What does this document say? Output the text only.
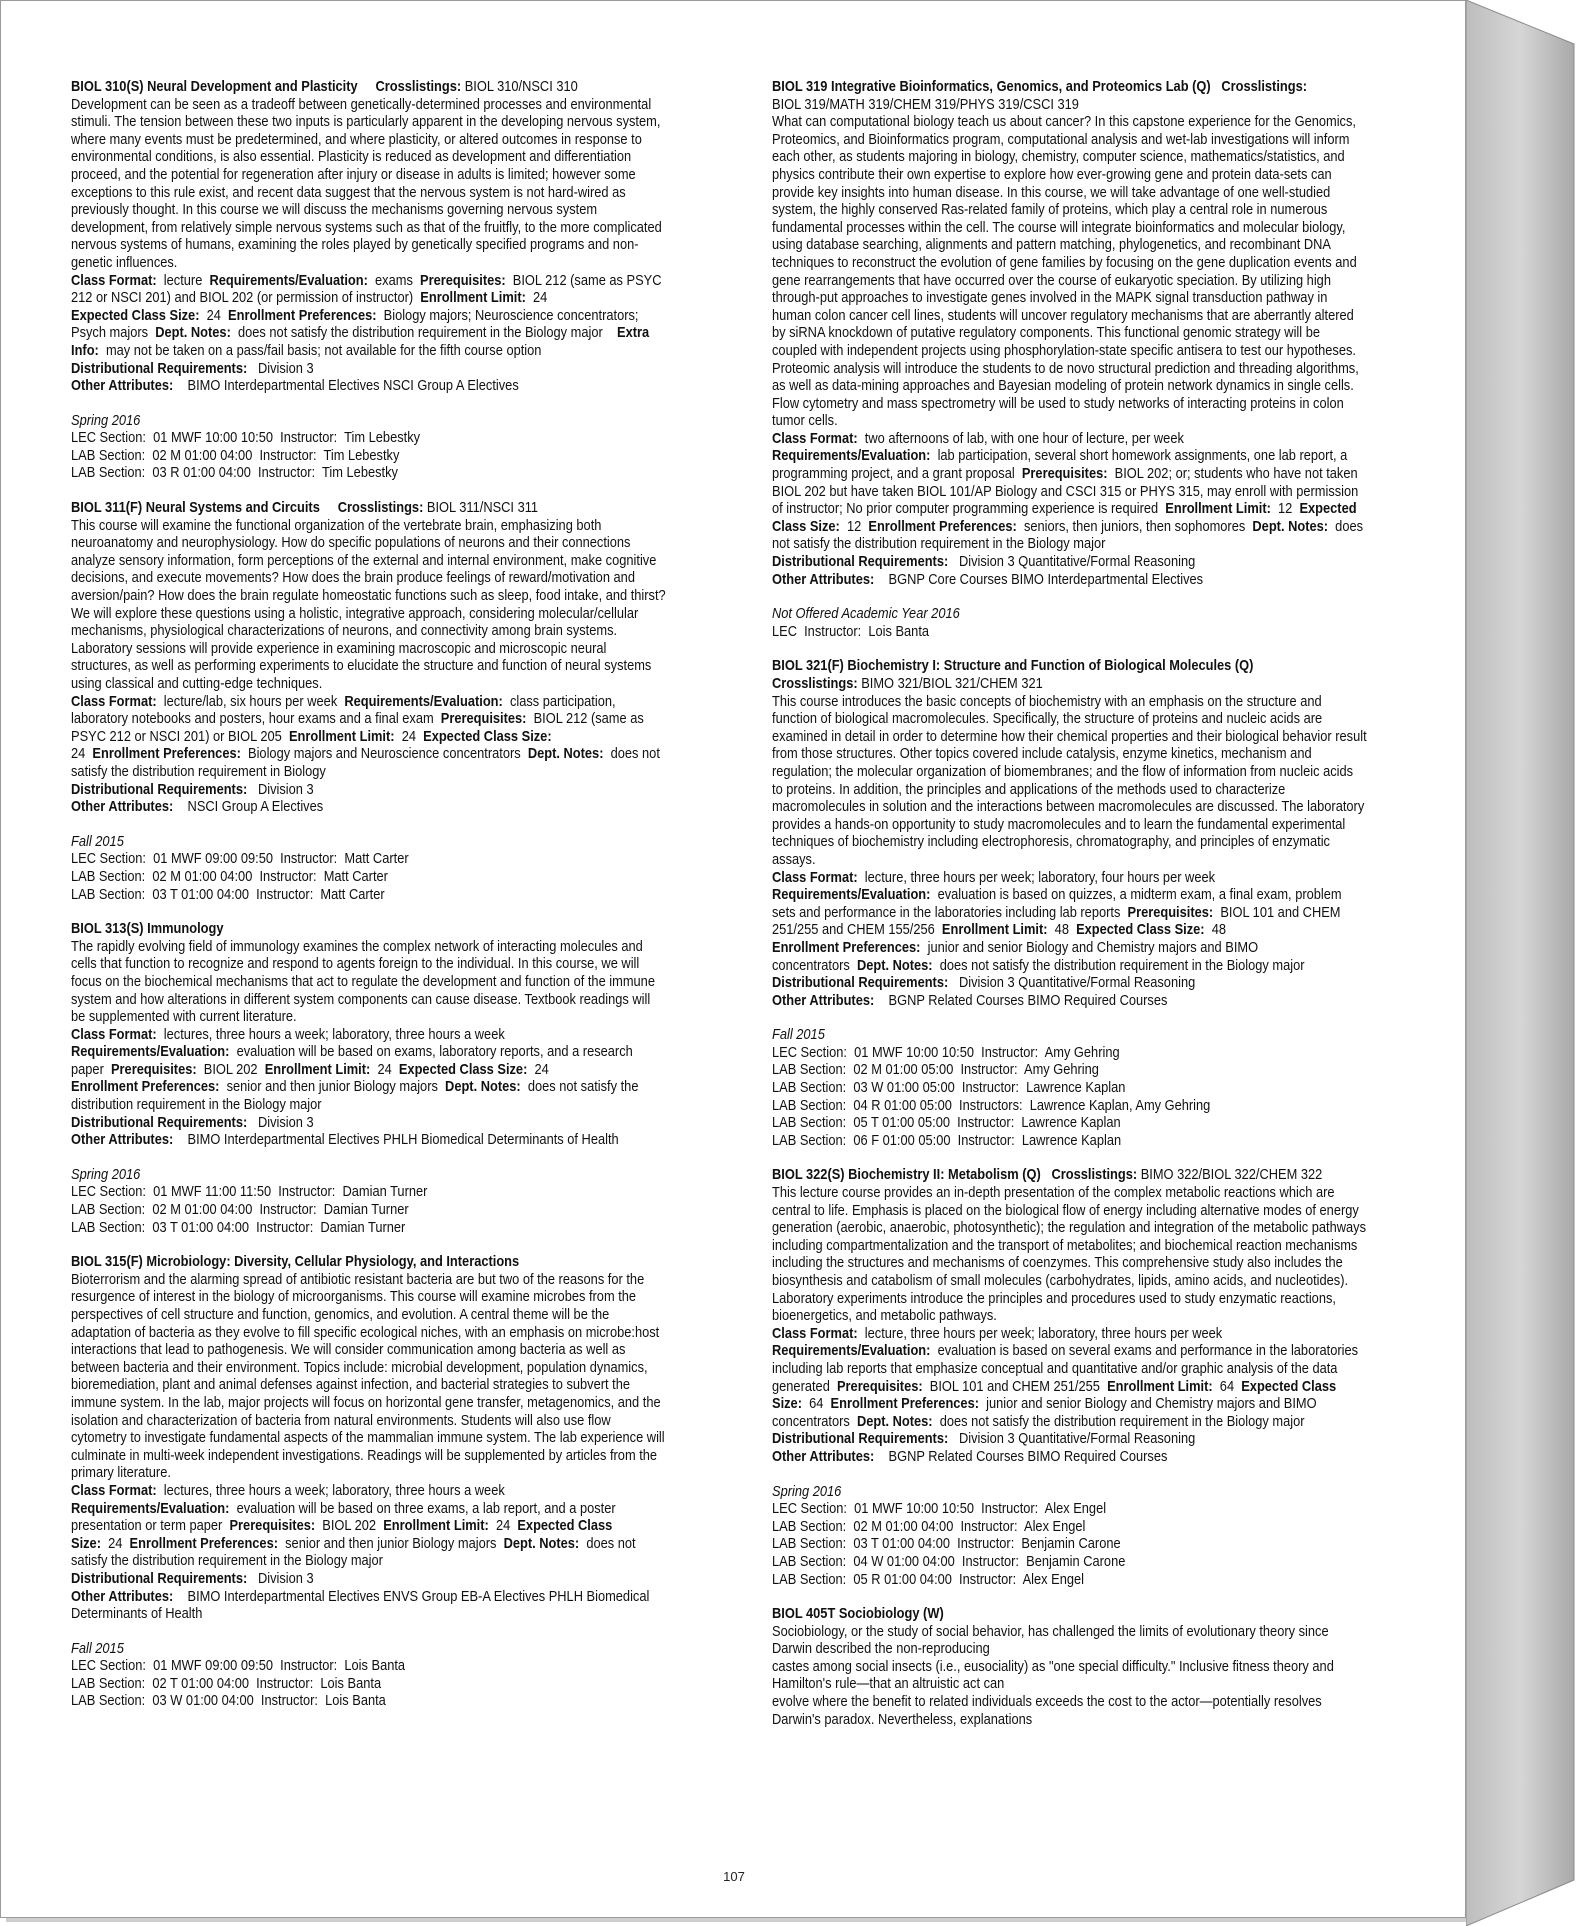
BIOL 310(S) Neural Development and Plasticity Crosslistings: BIOL 310/NSCI 310

Development can be seen as a tradeoff between genetically-determined processes and environmental stimuli. The tension between these two inputs is particularly apparent in the developing nervous system, where many events must be predetermined, and where plasticity, or altered outcomes in response to environmental conditions, is also essential. Plasticity is reduced as development and differentiation proceed, and the potential for regeneration after injury or disease in adults is limited; however some exceptions to this rule exist, and recent data suggest that the nervous system is not hard-wired as previously thought. In this course we will discuss the mechanisms governing nervous system development, from relatively simple nervous systems such as that of the fruitfly, to the more complicated nervous systems of humans, examining the roles played by genetically specified programs and non-genetic influences.

Class Format: lecture Requirements/Evaluation: exams Prerequisites: BIOL 212 (same as PSYC 212 or NSCI 201) and BIOL 202 (or permission of instructor) Enrollment Limit: 24
Expected Class Size: 24 Enrollment Preferences: Biology majors; Neuroscience concentrators; Psych majors Dept. Notes: does not satisfy the distribution requirement in the Biology major Extra Info: may not be taken on a pass/fail basis; not available for the fifth course option

Distributional Requirements: Division 3

Other Attributes: BIMO Interdepartmental Electives NSCI Group A Electives

Spring 2016
LEC Section:  01 MWF 10:00 10:50  Instructor:  Tim Lebestky
LAB Section:  02 M 01:00 04:00  Instructor:  Tim Lebestky
LAB Section:  03 R 01:00 04:00  Instructor:  Tim Lebestky

BIOL 311(F) Neural Systems and Circuits Crosslistings: BIOL 311/NSCI 311

This course will examine the functional organization of the vertebrate brain, emphasizing both neuroanatomy and neurophysiology. How do specific populations of neurons and their connections analyze sensory information, form perceptions of the external and internal environment, make cognitive decisions, and execute movements? How does the brain produce feelings of reward/motivation and aversion/pain? How does the brain regulate homeostatic functions such as sleep, food intake, and thirst? We will explore these questions using a holistic, integrative approach, considering molecular/cellular mechanisms, physiological characterizations of neurons, and connectivity among brain systems. Laboratory sessions will provide experience in examining macroscopic and microscopic neural structures, as well as performing experiments to elucidate the structure and function of neural systems using classical and cutting-edge techniques.

Class Format: lecture/lab, six hours per week Requirements/Evaluation: class participation, laboratory notebooks and posters, hour exams and a final exam Prerequisites: BIOL 212 (same as PSYC 212 or NSCI 201) or BIOL 205 Enrollment Limit: 24 Expected Class Size:
24 Enrollment Preferences: Biology majors and Neuroscience concentrators Dept. Notes: does not satisfy the distribution requirement in Biology

Distributional Requirements: Division 3

Other Attributes: NSCI Group A Electives

Fall 2015
LEC Section:  01 MWF 09:00 09:50  Instructor:  Matt Carter
LAB Section:  02 M 01:00 04:00  Instructor:  Matt Carter
LAB Section:  03 T 01:00 04:00  Instructor:  Matt Carter

BIOL 313(S) Immunology

The rapidly evolving field of immunology examines the complex network of interacting molecules and cells that function to recognize and respond to agents foreign to the individual. In this course, we will focus on the biochemical mechanisms that act to regulate the development and function of the immune system and how alterations in different system components can cause disease. Textbook readings will be supplemented with current literature.

Class Format: lectures, three hours a week; laboratory, three hours a week
Requirements/Evaluation: evaluation will be based on exams, laboratory reports, and a research paper Prerequisites: BIOL 202 Enrollment Limit: 24 Expected Class Size: 24
Enrollment Preferences: senior and then junior Biology majors Dept. Notes: does not satisfy the distribution requirement in the Biology major

Distributional Requirements: Division 3

Other Attributes: BIMO Interdepartmental Electives PHLH Biomedical Determinants of Health

Spring 2016
LEC Section:  01 MWF 11:00 11:50  Instructor:  Damian Turner
LAB Section:  02 M 01:00 04:00  Instructor:  Damian Turner
LAB Section:  03 T 01:00 04:00  Instructor:  Damian Turner

BIOL 315(F) Microbiology: Diversity, Cellular Physiology, and Interactions

Bioterrorism and the alarming spread of antibiotic resistant bacteria are but two of the reasons for the resurgence of interest in the biology of microorganisms. This course will examine microbes from the perspectives of cell structure and function, genomics, and evolution. A central theme will be the adaptation of bacteria as they evolve to fill specific ecological niches, with an emphasis on microbe:host interactions that lead to pathogenesis. We will consider communication among bacteria as well as between bacteria and their environment. Topics include: microbial development, population dynamics, bioremediation, plant and animal defenses against infection, and bacterial strategies to subvert the immune system. In the lab, major projects will focus on horizontal gene transfer, metagenomics, and the isolation and characterization of bacteria from natural environments. Students will also use flow cytometry to investigate fundamental aspects of the mammalian immune system. The lab experience will culminate in multi-week independent investigations. Readings will be supplemented by articles from the primary literature.

Class Format: lectures, three hours a week; laboratory, three hours a week
Requirements/Evaluation: evaluation will be based on three exams, a lab report, and a poster presentation or term paper Prerequisites: BIOL 202 Enrollment Limit: 24 Expected Class Size: 24 Enrollment Preferences: senior and then junior Biology majors Dept. Notes: does not satisfy the distribution requirement in the Biology major

Distributional Requirements: Division 3

Other Attributes: BIMO Interdepartmental Electives ENVS Group EB-A Electives PHLH Biomedical Determinants of Health

Fall 2015
LEC Section:  01 MWF 09:00 09:50  Instructor:  Lois Banta
LAB Section:  02 T 01:00 04:00  Instructor:  Lois Banta
LAB Section:  03 W 01:00 04:00  Instructor:  Lois Banta

BIOL 319 Integrative Bioinformatics, Genomics, and Proteomics Lab (Q) Crosslistings:
BIOL 319/MATH 319/CHEM 319/PHYS 319/CSCI 319

What can computational biology teach us about cancer? In this capstone experience for the Genomics, Proteomics, and Bioinformatics program, computational analysis and wet-lab investigations will inform each other, as students majoring in biology, chemistry, computer science, mathematics/statistics, and physics contribute their own expertise to explore how ever-growing gene and protein data-sets can provide key insights into human disease. In this course, we will take advantage of one well-studied system, the highly conserved Ras-related family of proteins, which play a central role in numerous fundamental processes within the cell. The course will integrate bioinformatics and molecular biology, using database searching, alignments and pattern matching, phylogenetics, and recombinant DNA techniques to reconstruct the evolution of gene families by focusing on the gene duplication events and gene rearrangements that have occurred over the course of eukaryotic speciation. By utilizing high through-put approaches to investigate genes involved in the MAPK signal transduction pathway in human colon cancer cell lines, students will uncover regulatory mechanisms that are aberrantly altered by siRNA knockdown of putative regulatory components. This functional genomic strategy will be coupled with independent projects using phosphorylation-state specific antisera to test our hypotheses. Proteomic analysis will introduce the students to de novo structural prediction and threading algorithms, as well as data-mining approaches and Bayesian modeling of protein network dynamics in single cells. Flow cytometry and mass spectrometry will be used to study networks of interacting proteins in colon tumor cells.

Class Format: two afternoons of lab, with one hour of lecture, per week
Requirements/Evaluation: lab participation, several short homework assignments, one lab report, a programming project, and a grant proposal Prerequisites: BIOL 202; or; students who have not taken BIOL 202 but have taken BIOL 101/AP Biology and CSCI 315 or PHYS 315, may enroll with permission of instructor; No prior computer programming experience is required Enrollment Limit: 12 Expected Class Size: 12 Enrollment Preferences: seniors, then juniors, then sophomores Dept. Notes: does not satisfy the distribution requirement in the Biology major

Distributional Requirements: Division 3 Quantitative/Formal Reasoning

Other Attributes: BGNP Core Courses BIMO Interdepartmental Electives

Not Offered Academic Year 2016
LEC  Instructor:  Lois Banta

BIOL 321(F) Biochemistry I: Structure and Function of Biological Molecules (Q)
Crosslistings: BIMO 321/BIOL 321/CHEM 321

This course introduces the basic concepts of biochemistry with an emphasis on the structure and function of biological macromolecules. Specifically, the structure of proteins and nucleic acids are examined in detail in order to determine how their chemical properties and their biological behavior result from those structures. Other topics covered include catalysis, enzyme kinetics, mechanism and regulation; the molecular organization of biomembranes; and the flow of information from nucleic acids to proteins. In addition, the principles and applications of the methods used to characterize macromolecules in solution and the interactions between macromolecules are discussed. The laboratory provides a hands-on opportunity to study macromolecules and to learn the fundamental experimental techniques of biochemistry including electrophoresis, chromatography, and principles of enzymatic assays.

Class Format: lecture, three hours per week; laboratory, four hours per week
Requirements/Evaluation: evaluation is based on quizzes, a midterm exam, a final exam, problem sets and performance in the laboratories including lab reports Prerequisites: BIOL 101 and CHEM 251/255 and CHEM 155/256 Enrollment Limit: 48 Expected Class Size: 48
Enrollment Preferences: junior and senior Biology and Chemistry majors and BIMO concentrators Dept. Notes: does not satisfy the distribution requirement in the Biology major

Distributional Requirements: Division 3 Quantitative/Formal Reasoning

Other Attributes: BGNP Related Courses BIMO Required Courses

Fall 2015
LEC Section:  01 MWF 10:00 10:50  Instructor:  Amy Gehring
LAB Section:  02 M 01:00 05:00  Instructor:  Amy Gehring
LAB Section:  03 W 01:00 05:00  Instructor:  Lawrence Kaplan
LAB Section:  04 R 01:00 05:00  Instructors:  Lawrence Kaplan, Amy Gehring
LAB Section:  05 T 01:00 05:00  Instructor:  Lawrence Kaplan
LAB Section:  06 F 01:00 05:00  Instructor:  Lawrence Kaplan

BIOL 322(S) Biochemistry II: Metabolism (Q) Crosslistings: BIMO 322/BIOL 322/CHEM 322

This lecture course provides an in-depth presentation of the complex metabolic reactions which are central to life. Emphasis is placed on the biological flow of energy including alternative modes of energy generation (aerobic, anaerobic, photosynthetic); the regulation and integration of the metabolic pathways including compartmentalization and the transport of metabolites; and biochemical reaction mechanisms including the structures and mechanisms of coenzymes. This comprehensive study also includes the biosynthesis and catabolism of small molecules (carbohydrates, lipids, amino acids, and nucleotides). Laboratory experiments introduce the principles and procedures used to study enzymatic reactions, bioenergetics, and metabolic pathways.

Class Format: lecture, three hours per week; laboratory, three hours per week
Requirements/Evaluation: evaluation is based on several exams and performance in the laboratories including lab reports that emphasize conceptual and quantitative and/or graphic analysis of the data generated Prerequisites: BIOL 101 and CHEM 251/255 Enrollment Limit: 64 Expected Class Size: 64 Enrollment Preferences: junior and senior Biology and Chemistry majors and BIMO concentrators Dept. Notes: does not satisfy the distribution requirement in the Biology major

Distributional Requirements: Division 3 Quantitative/Formal Reasoning

Other Attributes: BGNP Related Courses BIMO Required Courses

Spring 2016
LEC Section:  01 MWF 10:00 10:50  Instructor:  Alex Engel
LAB Section:  02 M 01:00 04:00  Instructor:  Alex Engel
LAB Section:  03 T 01:00 04:00  Instructor:  Benjamin Carone
LAB Section:  04 W 01:00 04:00  Instructor:  Benjamin Carone
LAB Section:  05 R 01:00 04:00  Instructor:  Alex Engel

BIOL 405T Sociobiology (W)

Sociobiology, or the study of social behavior, has challenged the limits of evolutionary theory since Darwin described the non-reproducing

castes among social insects (i.e., eusociality) as "one special difficulty." Inclusive fitness theory and Hamilton's rule—that an altruistic act can

evolve where the benefit to related individuals exceeds the cost to the actor—potentially resolves Darwin's paradox. Nevertheless, explanations

107
